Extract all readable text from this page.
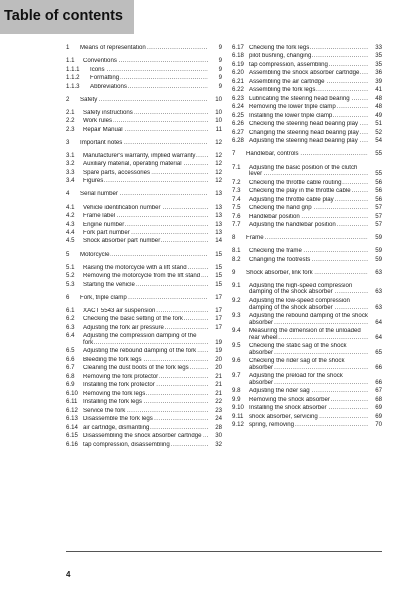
Table of contents
1 Means of representation .....	9
1.1 Conventions .....	9
1.1.1 Icons .....	9
1.1.2 Formatting .....	9
1.1.3 Abbreviations .....	9
2 Safety .....	10
2.1 Safety instructions .....	10
2.2 Work rules .....	10
2.3 Repair Manual .....	11
3 Important notes .....	12
3.1 Manufacturer's warranty, implied warranty .....	12
3.2 Auxiliary material, operating material .....	12
3.3 Spare parts, accessories .....	12
3.4 Figures .....	12
4 Serial number .....	13
4.1 Vehicle identification number .....	13
4.2 Frame label .....	13
4.3 Engine number .....	13
4.4 Fork part number .....	13
4.5 Shock absorber part number .....	14
5 Motorcycle .....	15
5.1 Raising the motorcycle with a lift stand .....	15
5.2 Removing the motorcycle from the lift stand .....	15
5.3 Starting the vehicle .....	15
6 Fork, triple clamp .....	17
6.1 XACT 5543 air suspension .....	17
6.2 Checking the basic setting of the fork .....	17
6.3 Adjusting the fork air pressure .....	17
6.4 Adjusting the compression damping of the fork .....	19
6.5 Adjusting the rebound damping of the fork .....	19
6.6 Bleeding the fork legs .....	20
6.7 Cleaning the dust boots of the fork legs .....	20
6.8 Removing the fork protector .....	21
6.9 Installing the fork protector .....	21
6.10 Removing the fork legs .....	21
6.11 Installing the fork legs .....	22
6.12 Service the fork .....	23
6.13 Disassemble the fork legs .....	24
6.14 air cartridge, dismantling .....	28
6.15 Disassembling the shock absorber cartridge .....	30
6.16 tap compression, disassembling .....	32
6.17 Checking the fork legs .....	33
6.18 pilot bushing, changing .....	35
6.19 tap compression, assembling .....	35
6.20 Assembling the shock absorber cartridge .....	36
6.21 Assembling the air cartridge .....	39
6.22 Assembling the fork legs .....	41
6.23 Lubricating the steering head bearing .....	48
6.24 Removing the lower triple clamp .....	48
6.25 Installing the lower triple clamp .....	49
6.26 Checking the steering head bearing play .....	51
6.27 Changing the steering head bearing play .....	52
6.28 Adjusting the steering head bearing play .....	54
7 Handlebar, controls .....	55
7.1 Adjusting the basic position of the clutch lever .....	55
7.2 Checking the throttle cable routing .....	56
7.3 Checking the play in the throttle cable .....	56
7.4 Adjusting the throttle cable play .....	56
7.5 Checking the hand grip .....	57
7.6 Handlebar position .....	57
7.7 Adjusting the handlebar position .....	57
8 Frame .....	59
8.1 Checking the frame .....	59
8.2 Changing the footrests .....	59
9 Shock absorber, link fork .....	63
9.1 Adjusting the high-speed compression damping of the shock absorber .....	63
9.2 Adjusting the low-speed compression damping of the shock absorber .....	63
9.3 Adjusting the rebound damping of the shock absorber .....	64
9.4 Measuring the dimension of the unloaded rear wheel .....	64
9.5 Checking the static sag of the shock absorber .....	65
9.6 Checking the rider sag of the shock absorber .....	66
9.7 Adjusting the preload for the shock absorber .....	66
9.8 Adjusting the rider sag .....	67
9.9 Removing the shock absorber .....	68
9.10 Installing the shock absorber .....	69
9.11 shock absorber, servicing .....	69
9.12 spring, removing .....	70
4
